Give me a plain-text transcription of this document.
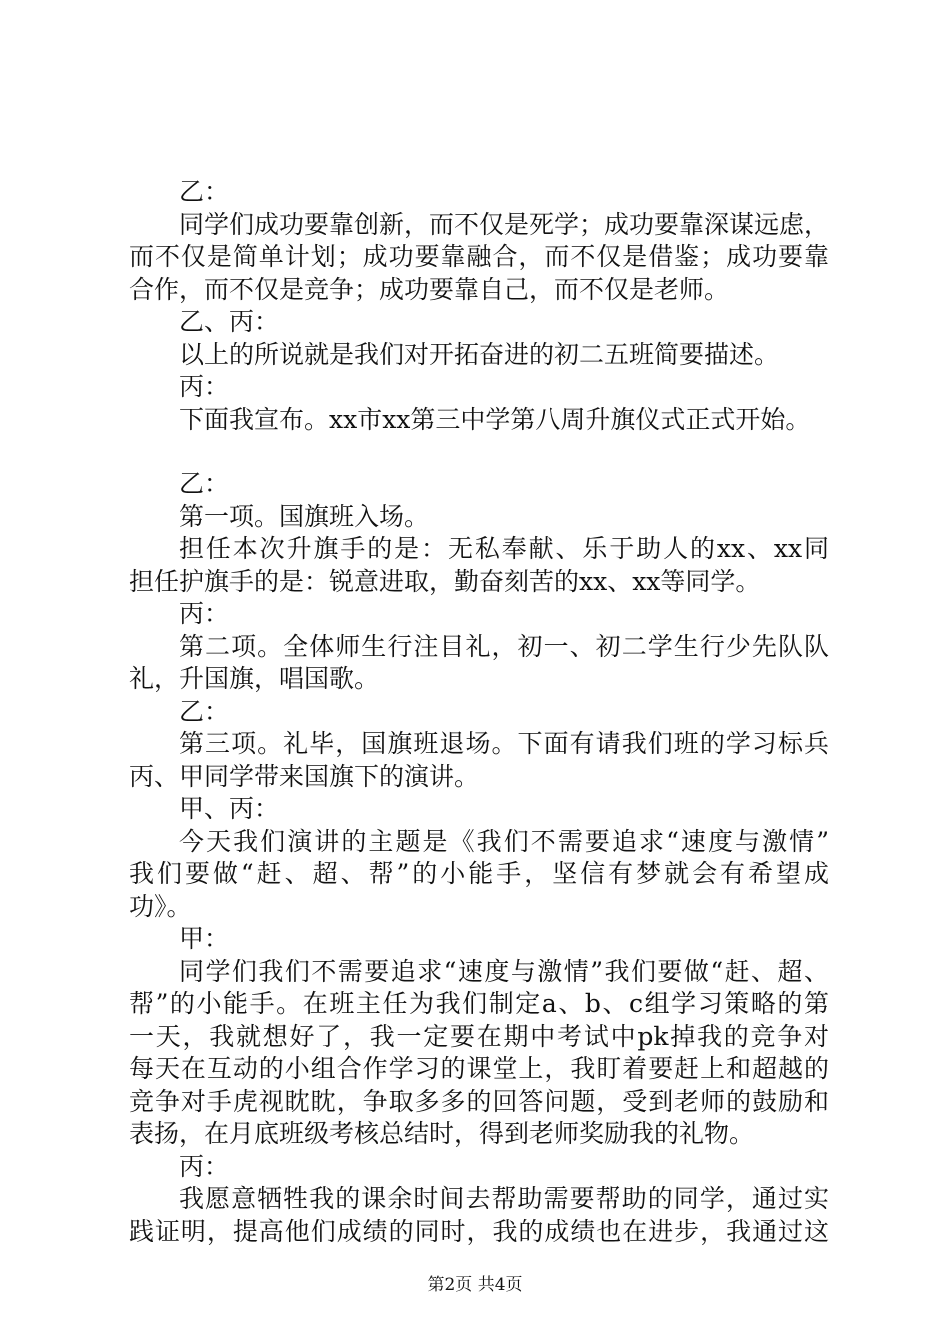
乙：
同学们成功要靠创新，而不仅是死学；成功要靠深谋远虑，
而不仅是简单计划；成功要靠融合，而不仅是借鉴；成功要靠
合作，而不仅是竞争；成功要靠自己，而不仅是老师。
乙、丙：
以上的所说就是我们对开拓奋进的初二五班简要描述。
丙：
下面我宣布。xx市xx第三中学第八周升旗仪式正式开始。
乙：
第一项。国旗班入场。
担任本次升旗手的是：无私奉献、乐于助人的xx、xx同
担任护旗手的是：锐意进取，勤奋刻苦的xx、xx等同学。
丙：
第二项。全体师生行注目礼，初一、初二学生行少先队队
礼，升国旗，唱国歌。
乙：
第三项。礼毕，国旗班退场。下面有请我们班的学习标兵
丙、甲同学带来国旗下的演讲。
甲、丙：
今天我们演讲的主题是《我们不需要追求“速度与激情”
我们要做“赶、超、帮”的小能手，坚信有梦就会有希望成
功》。
甲：
同学们我们不需要追求“速度与激情”我们要做“赶、超、
帮”的小能手。在班主任为我们制定a、b、c组学习策略的第
一天，我就想好了，我一定要在期中考试中pk掉我的竞争对
每天在互动的小组合作学习的课堂上，我盯着要赶上和超越的
竞争对手虎视眈眈，争取多多的回答问题，受到老师的鼓励和
表扬，在月底班级考核总结时，得到老师奖励我的礼物。
丙：
我愿意牺牲我的课余时间去帮助需要帮助的同学，通过实
践证明，提高他们成绩的同时，我的成绩也在进步，我通过这
第2页 共4页
